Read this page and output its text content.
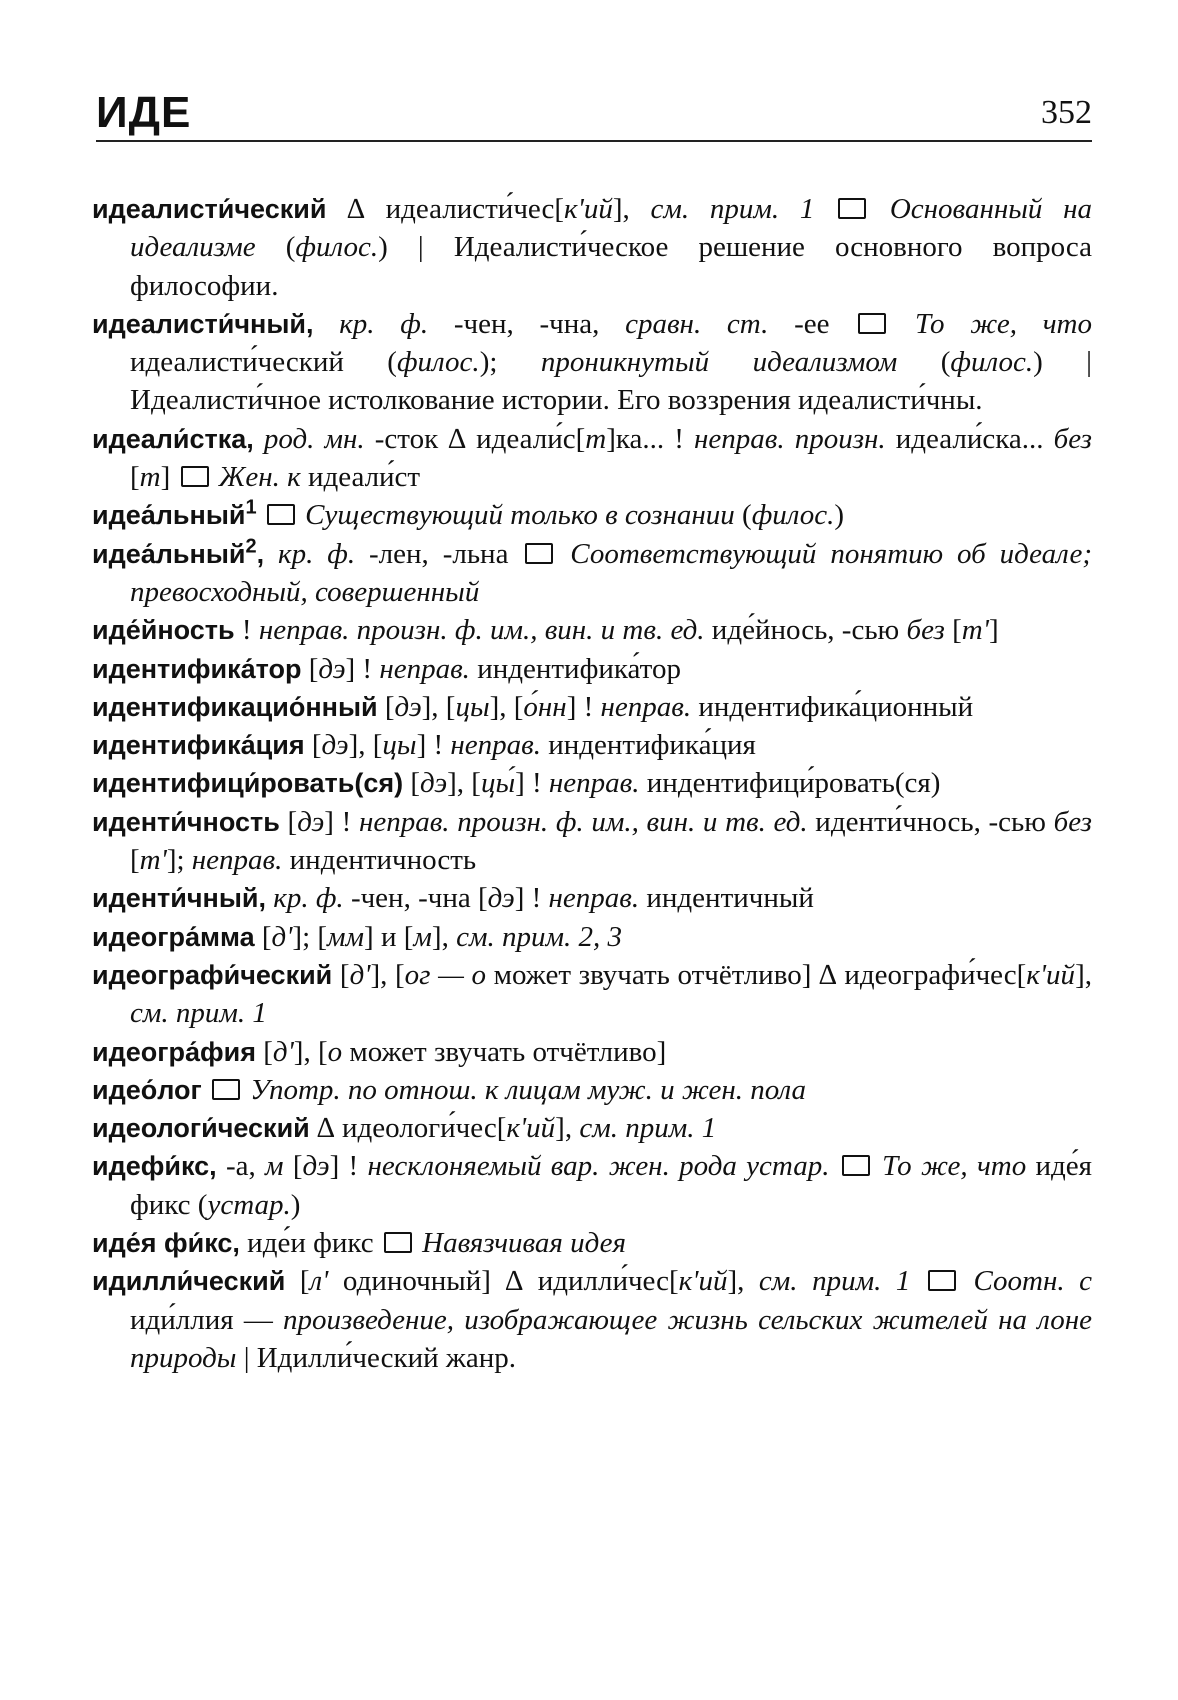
ИДЕ	352

идеалисти́ческий ∆ идеалисти́чес[к'ий], см. прим. 1	Основанный на идеализме (филос.) | Идеалисти́ческое решение основного вопроса философии.

идеалисти́чный, кр. ф. -чен, -чна, сравн. ст. -ее	То же, что идеалисти́ческий (филос.); проникнутый идеализмом (филос.) | Идеалисти́чное истолкование истории. Его воззрения идеалисти́чны.

идеали́стка, род. мн. -сток ∆ идеали́с[т]ка... ! неправ. произн. идеали́ска... без [т] Жен. к идеали́ст

идеа́льный$^1$ Существующий только в сознании (филос.)

идеа́льный$^2$, кр. ф. -лен, -льна Соответствующий понятию об идеале; превосходный, совершенный

иде́йность ! неправ. произн. ф. им., вин. и тв. ед. иде́йнось, -сью без [т']

идентифика́тор [дэ] ! неправ. индентифика́тор

идентификацио́нный [дэ], [цы], [о́нн] ! неправ. индентифика́ционный

идентифика́ция [дэ], [цы] ! неправ. индентифика́ция

идентифици́ровать(ся) [дэ], [цы́] ! неправ. индентифици́ровать(ся)

иденти́чность [дэ] ! неправ. произн. ф. им., вин. и тв. ед. иденти́чнось, -сью без [т']; неправ. индентичность

иденти́чный, кр. ф. -чен, -чна [дэ] ! неправ. индентичный

идеогра́мма [д']; [мм] и [м], см. прим. 2, 3

идеографи́ческий [д'], [ог — о может звучать отчётливо] ∆ идеографи́чес[к'ий], см. прим. 1

идеогра́фия [д'], [о может звучать отчётливо]

идео́лог Употр. по отнош. к лицам муж. и жен. пола

идеологи́ческий ∆ идеологи́чес[к'ий], см. прим. 1

идефи́кс, -а, м [дэ] ! несклоняемый вар. жен. рода устар. То же, что иде́я фикс (устар.)

иде́я фи́кс, иде́и фикс Навязчивая идея

идилли́ческий [л' одиночный] ∆ идилли́чес[к'ий], см. прим. 1 Соотн. с иди́ллия — произведение, изображающее жизнь сельских жителей на лоне природы | Идилли́ческий жанр.
